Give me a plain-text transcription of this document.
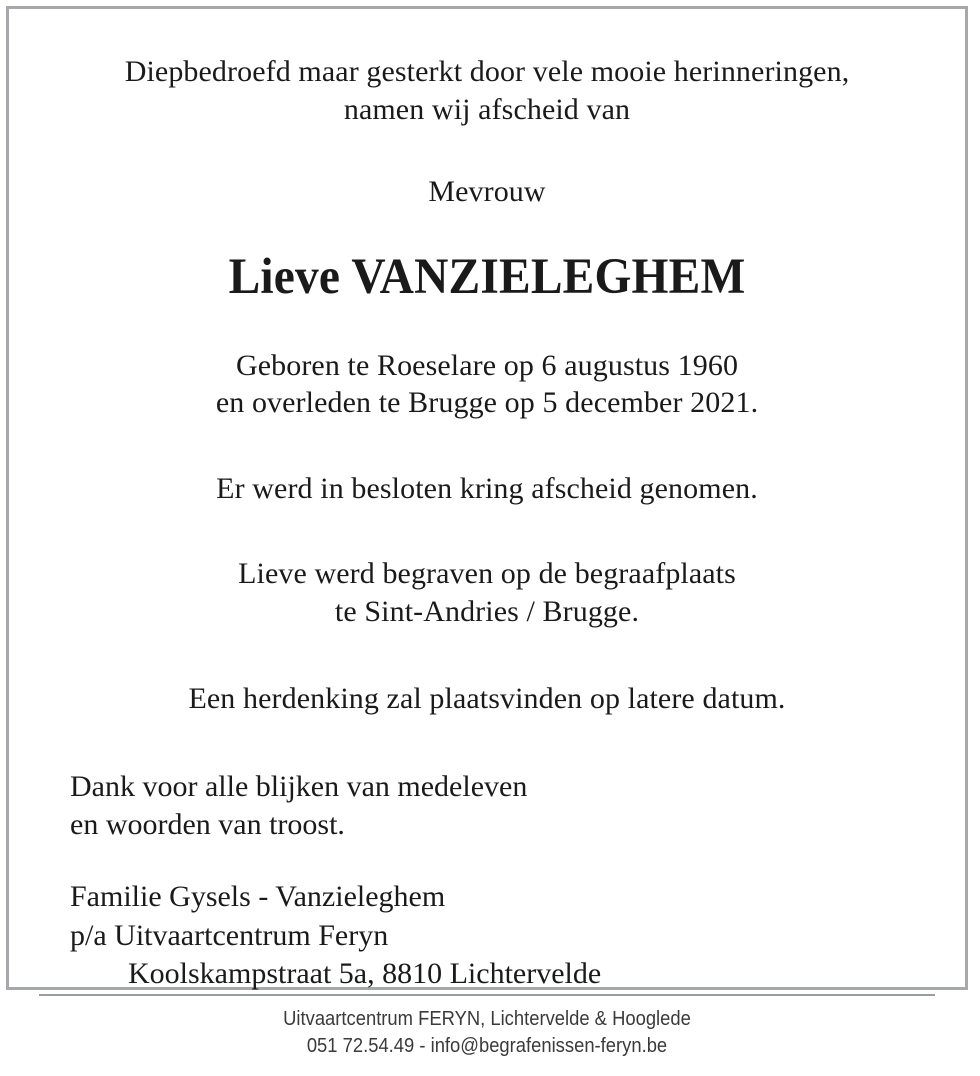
Diepbedroefd maar gesterkt door vele mooie herinneringen,

namen wij afscheid van

Mevrouw

Lieve VANZIELEGHEM

Geboren te Roeselare op 6 augustus 1960

en overleden te Brugge op 5 december 2021.

Er werd in besloten kring afscheid genomen.

Lieve werd begraven op de begraafplaats

te Sint-Andries / Brugge.

Een herdenking zal plaatsvinden op latere datum.

Dank voor alle blijken van medeleven

en woorden van troost.

Familie Gysels - Vanzieleghem

p/a Uitvaartcentrum Feryn

Koolskampstraat 5a, 8810 Lichtervelde

Uitvaartcentrum FERYN, Lichtervelde & Hooglede

051 72.54.49 - info@begrafenissen-feryn.be
